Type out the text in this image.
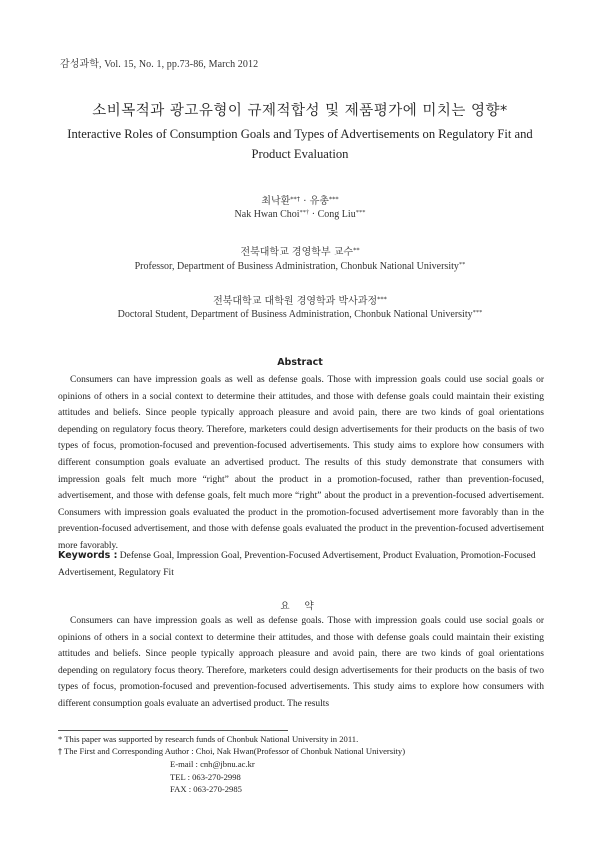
감성과학, Vol. 15, No. 1, pp.73-86, March 2012
소비목적과 광고유형이 규제적합성 및 제품평가에 미치는 영향*
Interactive Roles of Consumption Goals and Types of Advertisements on Regulatory Fit and Product Evaluation
최낙환**† · 유총***
Nak Hwan Choi**† · Cong Liu***
전북대학교 경영학부 교수**
Professor, Department of Business Administration, Chonbuk National University**
전북대학교 대학원 경영학과 박사과정***
Doctoral Student, Department of Business Administration, Chonbuk National University***
Abstract
Consumers can have impression goals as well as defense goals. Those with impression goals could use social goals or opinions of others in a social context to determine their attitudes, and those with defense goals could maintain their existing attitudes and beliefs. Since people typically approach pleasure and avoid pain, there are two kinds of goal orientations depending on regulatory focus theory. Therefore, marketers could design advertisements for their products on the basis of two types of focus, promotion-focused and prevention-focused advertisements. This study aims to explore how consumers with different consumption goals evaluate an advertised product. The results of this study demonstrate that consumers with impression goals felt much more “right” about the product in a promotion-focused, rather than prevention-focused, advertisement, and those with defense goals, felt much more “right” about the product in a prevention-focused advertisement. Consumers with impression goals evaluated the product in the promotion-focused advertisement more favorably than in the prevention-focused advertisement, and those with defense goals evaluated the product in the prevention-focused advertisement more favorably.
Keywords : Defense Goal, Impression Goal, Prevention-Focused Advertisement, Product Evaluation, Promotion-Focused Advertisement, Regulatory Fit
요 약
Consumers can have impression goals as well as defense goals. Those with impression goals could use social goals or opinions of others in a social context to determine their attitudes, and those with defense goals could maintain their existing attitudes and beliefs. Since people typically approach pleasure and avoid pain, there are two kinds of goal orientations depending on regulatory focus theory. Therefore, marketers could design advertisements for their products on the basis of two types of focus, promotion-focused and prevention-focused advertisements. This study aims to explore how consumers with different consumption goals evaluate an advertised product. The results
* This paper was supported by research funds of Chonbuk National University in 2011.
† The First and Corresponding Author : Choi, Nak Hwan(Professor of Chonbuk National University)
E-mail : cnh@jbnu.ac.kr
TEL : 063-270-2998
FAX : 063-270-2985
